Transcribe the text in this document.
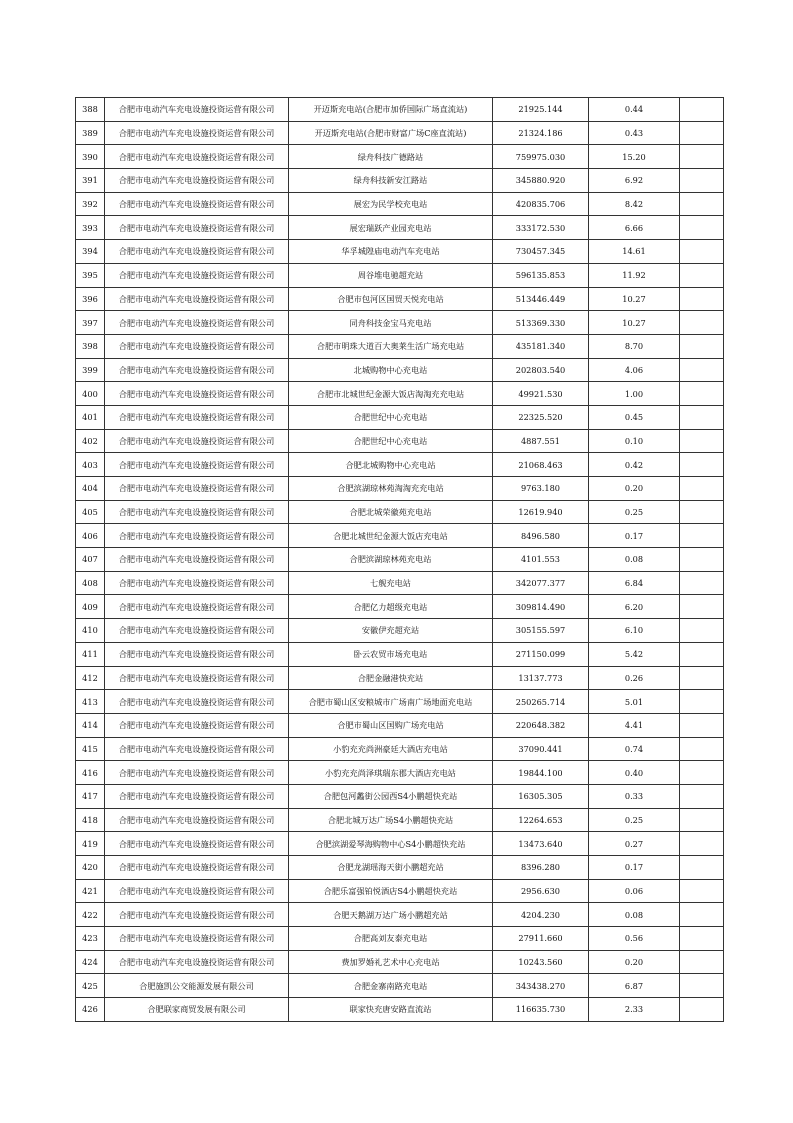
388	合肥市电动汽车充电设施投资运营有限公司	开迈斯充电站(合肥市加侨国际广场直流站)	21925.144	0.44	
389	合肥市电动汽车充电设施投资运营有限公司	开迈斯充电站(合肥市财富广场C座直流站)	21324.186	0.43	
390	合肥市电动汽车充电设施投资运营有限公司	绿舟科技广德路站	759975.030	15.20	
391	合肥市电动汽车充电设施投资运营有限公司	绿舟科技新安江路站	345880.920	6.92	
392	合肥市电动汽车充电设施投资运营有限公司	展宏为民学校充电站	420835.706	8.42	
393	合肥市电动汽车充电设施投资运营有限公司	展宏瑞跃产业园充电站	333172.530	6.66	
394	合肥市电动汽车充电设施投资运营有限公司	华孚城隍庙电动汽车充电站	730457.345	14.61	
395	合肥市电动汽车充电设施投资运营有限公司	周谷堆电驰超充站	596135.853	11.92	
396	合肥市电动汽车充电设施投资运营有限公司	合肥市包河区国贸天悦充电站	513446.449	10.27	
397	合肥市电动汽车充电设施投资运营有限公司	同舟科技金宝马充电站	513369.330	10.27	
398	合肥市电动汽车充电设施投资运营有限公司	合肥市明珠大道百大奥莱生活广场充电站	435181.340	8.70	
399	合肥市电动汽车充电设施投资运营有限公司	北城购物中心充电站	202803.540	4.06	
400	合肥市电动汽车充电设施投资运营有限公司	合肥市北城世纪金源大饭店淘淘充充电站	49921.530	1.00	
401	合肥市电动汽车充电设施投资运营有限公司	合肥世纪中心充电站	22325.520	0.45	
402	合肥市电动汽车充电设施投资运营有限公司	合肥世纪中心充电站	4887.551	0.10	
403	合肥市电动汽车充电设施投资运营有限公司	合肥北城购物中心充电站	21068.463	0.42	
404	合肥市电动汽车充电设施投资运营有限公司	合肥滨湖琼林苑淘淘充充电站	9763.180	0.20	
405	合肥市电动汽车充电设施投资运营有限公司	合肥北城荣徽苑充电站	12619.940	0.25	
406	合肥市电动汽车充电设施投资运营有限公司	合肥北城世纪金源大饭店充电站	8496.580	0.17	
407	合肥市电动汽车充电设施投资运营有限公司	合肥滨湖琼林苑充电站	4101.553	0.08	
408	合肥市电动汽车充电设施投资运营有限公司	七舰充电站	342077.377	6.84	
409	合肥市电动汽车充电设施投资运营有限公司	合肥亿力超级充电站	309814.490	6.20	
410	合肥市电动汽车充电设施投资运营有限公司	安徽伊充超充站	305155.597	6.10	
411	合肥市电动汽车充电设施投资运营有限公司	卧云农贸市场充电站	271150.099	5.42	
412	合肥市电动汽车充电设施投资运营有限公司	合肥金融港快充站	13137.773	0.26	
413	合肥市电动汽车充电设施投资运营有限公司	合肥市蜀山区安粮城市广场南广场地面充电站	250265.714	5.01	
414	合肥市电动汽车充电设施投资运营有限公司	合肥市蜀山区国购广场充电站	220648.382	4.41	
415	合肥市电动汽车充电设施投资运营有限公司	小豹充充尚洲豪廷大酒店充电站	37090.441	0.74	
416	合肥市电动汽车充电设施投资运营有限公司	小豹充充尚泽琪瑞东郡大酒店充电站	19844.100	0.40	
417	合肥市电动汽车充电设施投资运营有限公司	合肥包河蠡街公园西S4小鹏超快充站	16305.305	0.33	
418	合肥市电动汽车充电设施投资运营有限公司	合肥北城万达广场S4小鹏超快充站	12264.653	0.25	
419	合肥市电动汽车充电设施投资运营有限公司	合肥滨湖爱琴海购物中心S4小鹏超快充站	13473.640	0.27	
420	合肥市电动汽车充电设施投资运营有限公司	合肥龙湖瑶海天街小鹏超充站	8396.280	0.17	
421	合肥市电动汽车充电设施投资运营有限公司	合肥乐富强铂悦酒店S4小鹏超快充站	2956.630	0.06	
422	合肥市电动汽车充电设施投资运营有限公司	合肥天鹅湖万达广场小鹏超充站	4204.230	0.08	
423	合肥市电动汽车充电设施投资运营有限公司	合肥高刘友泰充电站	27911.660	0.56	
424	合肥市电动汽车充电设施投资运营有限公司	费加罗婚礼艺术中心充电站	10243.560	0.20	
425	合肥施凯公交能源发展有限公司	合肥金寨南路充电站	343438.270	6.87	
426	合肥联家商贸发展有限公司	联家快充唐安路直流站	116635.730	2.33	
